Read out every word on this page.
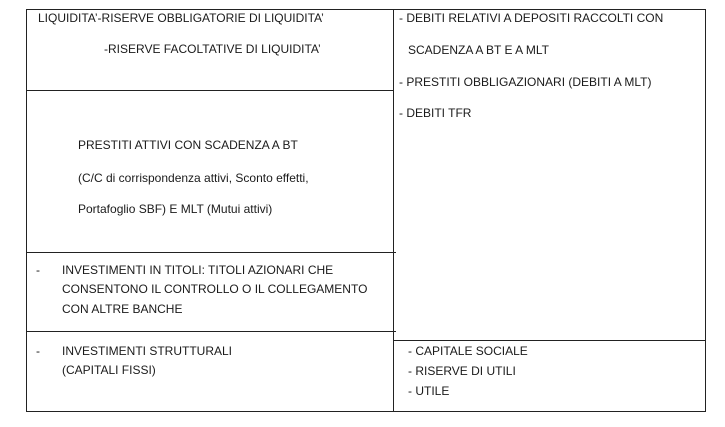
LIQUIDITA’-RISERVE OBBLIGATORIE DI LIQUIDITA’
-RISERVE FACOLTATIVE DI LIQUIDITA’
PRESTITI ATTIVI CON SCADENZA A BT
(C/C di corrispondenza attivi, Sconto effetti,
Portafoglio SBF) E MLT (Mutui attivi)
- INVESTIMENTI IN TITOLI: TITOLI AZIONARI CHE
CONSENTONO IL CONTROLLO O IL COLLEGAMENTO
CON ALTRE BANCHE
- INVESTIMENTI STRUTTURALI
(CAPITALI FISSI)
- DEBITI RELATIVI A DEPOSITI RACCOLTI CON
SCADENZA A BT E A MLT
- PRESTITI OBBLIGAZIONARI (DEBITI A MLT)
- DEBITI TFR
- CAPITALE SOCIALE
- RISERVE DI UTILI
- UTILE
